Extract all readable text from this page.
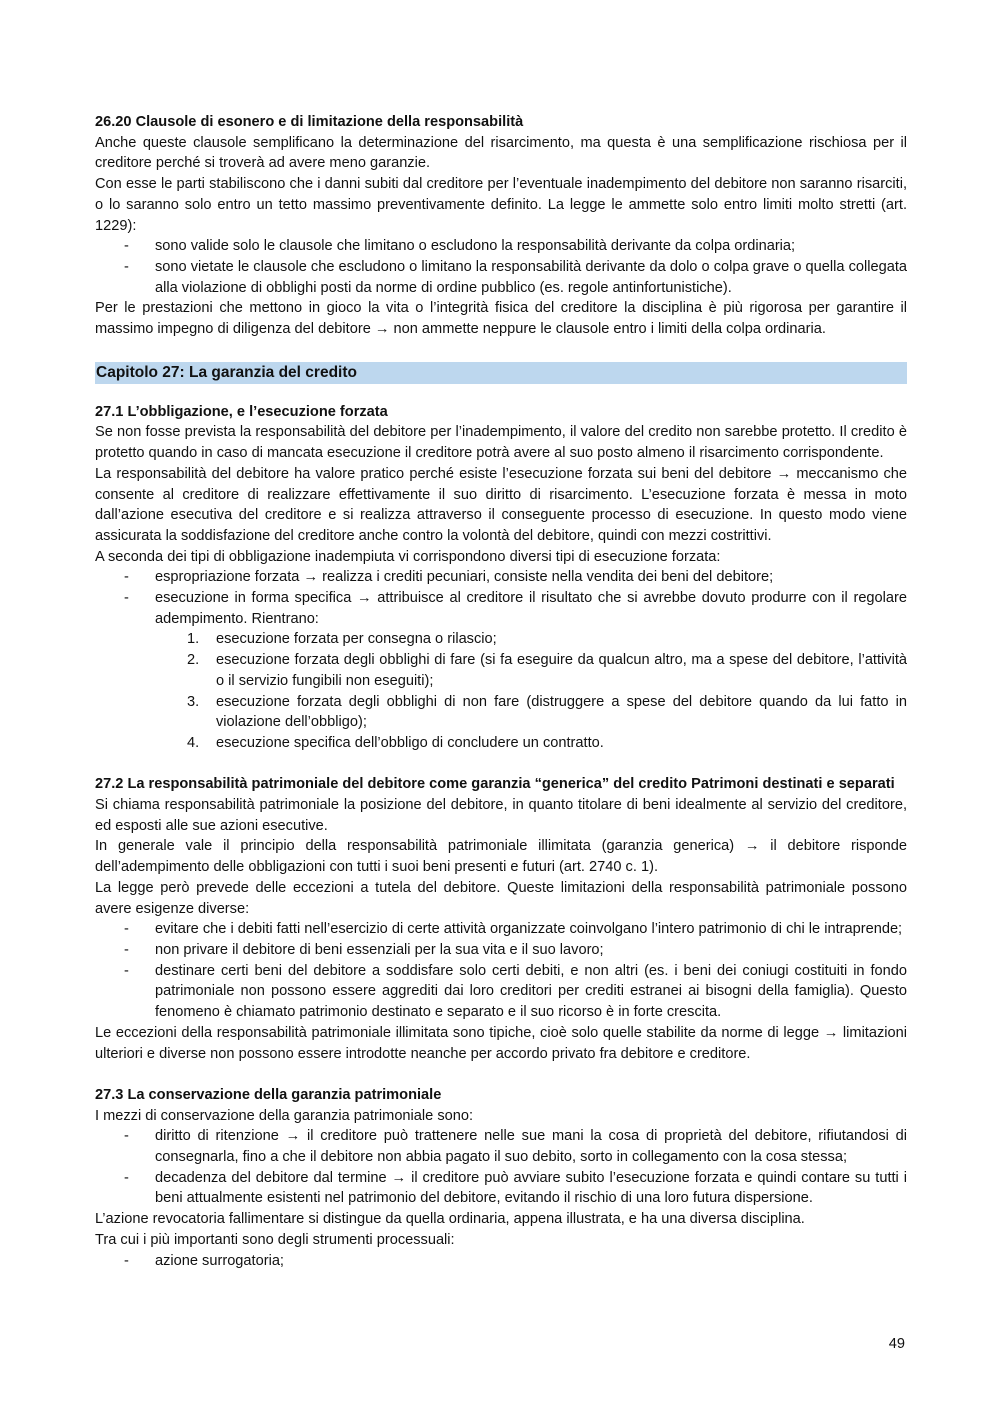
26.20 Clausole di esonero e di limitazione della responsabilità

Anche queste clausole semplificano la determinazione del risarcimento, ma questa è una semplificazione rischiosa per il creditore perché si troverà ad avere meno garanzie.

Con esse le parti stabiliscono che i danni subiti dal creditore per l’eventuale inadempimento del debitore non saranno risarciti, o lo saranno solo entro un tetto massimo preventivamente definito. La legge le ammette solo entro limiti molto stretti (art. 1229):

- sono valide solo le clausole che limitano o escludono la responsabilità derivante da colpa ordinaria;
- sono vietate le clausole che escludono o limitano la responsabilità derivante da dolo o colpa grave o quella collegata alla violazione di obblighi posti da norme di ordine pubblico (es. regole antinfortunistiche).

Per le prestazioni che mettono in gioco la vita o l’integrità fisica del creditore la disciplina è più rigorosa per garantire il massimo impegno di diligenza del debitore → non ammette neppure le clausole entro i limiti della colpa ordinaria.

Capitolo 27: La garanzia del credito

27.1 L’obbligazione, e l’esecuzione forzata

Se non fosse prevista la responsabilità del debitore per l’inadempimento, il valore del credito non sarebbe protetto. Il credito è protetto quando in caso di mancata esecuzione il creditore potrà avere al suo posto almeno il risarcimento corrispondente.

La responsabilità del debitore ha valore pratico perché esiste l’esecuzione forzata sui beni del debitore → meccanismo che consente al creditore di realizzare effettivamente il suo diritto di risarcimento. L’esecuzione forzata è messa in moto dall’azione esecutiva del creditore e si realizza attraverso il conseguente processo di esecuzione. In questo modo viene assicurata la soddisfazione del creditore anche contro la volontà del debitore, quindi con mezzi costrittivi.

A seconda dei tipi di obbligazione inadempiuta vi corrispondono diversi tipi di esecuzione forzata:

- espropriazione forzata → realizza i crediti pecuniari, consiste nella vendita dei beni del debitore;
- esecuzione in forma specifica → attribuisce al creditore il risultato che si avrebbe dovuto produrre con il regolare adempimento. Rientrano:
1. esecuzione forzata per consegna o rilascio;
2. esecuzione forzata degli obblighi di fare (si fa eseguire da qualcun altro, ma a spese del debitore, l’attività o il servizio fungibili non eseguiti);
3. esecuzione forzata degli obblighi di non fare (distruggere a spese del debitore quando da lui fatto in violazione dell’obbligo);
4. esecuzione specifica dell’obbligo di concludere un contratto.

27.2 La responsabilità patrimoniale del debitore come garanzia “generica” del credito Patrimoni destinati e separati

Si chiama responsabilità patrimoniale la posizione del debitore, in quanto titolare di beni idealmente al servizio del creditore, ed esposti alle sue azioni esecutive.

In generale vale il principio della responsabilità patrimoniale illimitata (garanzia generica) → il debitore risponde dell’adempimento delle obbligazioni con tutti i suoi beni presenti e futuri (art. 2740 c. 1).

La legge però prevede delle eccezioni a tutela del debitore. Queste limitazioni della responsabilità patrimoniale possono avere esigenze diverse:

- evitare che i debiti fatti nell’esercizio di certe attività organizzate coinvolgano l’intero patrimonio di chi le intraprende;
- non privare il debitore di beni essenziali per la sua vita e il suo lavoro;
- destinare certi beni del debitore a soddisfare solo certi debiti, e non altri (es. i beni dei coniugi costituiti in fondo patrimoniale non possono essere aggrediti dai loro creditori per crediti estranei ai bisogni della famiglia). Questo fenomeno è chiamato patrimonio destinato e separato e il suo ricorso è in forte crescita.

Le eccezioni della responsabilità patrimoniale illimitata sono tipiche, cioè solo quelle stabilite da norme di legge → limitazioni ulteriori e diverse non possono essere introdotte neanche per accordo privato fra debitore e creditore.

27.3 La conservazione della garanzia patrimoniale

I mezzi di conservazione della garanzia patrimoniale sono:

- diritto di ritenzione → il creditore può trattenere nelle sue mani la cosa di proprietà del debitore, rifiutandosi di consegnarla, fino a che il debitore non abbia pagato il suo debito, sorto in collegamento con la cosa stessa;
- decadenza del debitore dal termine → il creditore può avviare subito l’esecuzione forzata e quindi contare su tutti i beni attualmente esistenti nel patrimonio del debitore, evitando il rischio di una loro futura dispersione.

L’azione revocatoria fallimentare si distingue da quella ordinaria, appena illustrata, e ha una diversa disciplina.

Tra cui i più importanti sono degli strumenti processuali:

- azione surrogatoria;
49
